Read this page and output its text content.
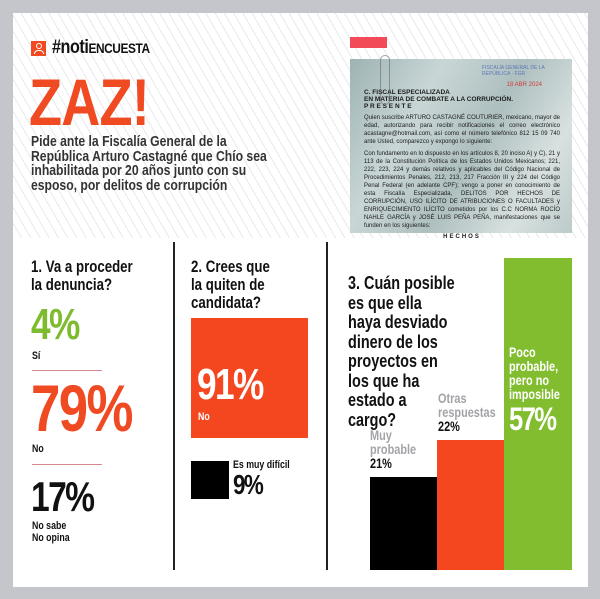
#notiENCUESTA
ZAZ!
Pide ante la Fiscalía General de la
República Arturo Castagné que Chío sea
inhabilitada por 20 años junto con su
esposo, por delitos de corrupción
FISCALÍA GENERAL DE LA REPÚBLICA · FGR
18 ABR 2024
C. FISCAL ESPECIALIZADA
EN MATERIA DE COMBATE A LA CORRUPCIÓN.
P R E S E N T E

Quien suscribe ARTURO CASTAGNÉ COUTURIER, mexicano, mayor de edad, autorizando para recibir notificaciones el correo electrónico acastagne@hotmail.com, así como el número telefónico 812 15 09 740 ante Usted, comparezco y expongo lo siguiente:

Con fundamento en lo dispuesto en los artículos 8, 20 inciso A) y C), 21 y 113 de la Constitución Política de los Estados Unidos Mexicanos; 221, 222, 223, 224 y demás relativos y aplicables del Código Nacional de Procedimientos Penales, 212, 213, 217 Fracción III y 224 del Código Penal Federal (en adelante CPF); vengo a poner en conocimiento de esta Fiscalía Especializada, DELITOS POR HECHOS DE CORRUPCIÓN, USO ILÍCITO DE ATRIBUCIONES O FACULTADES y ENRIQUECIMIENTO ILÍCITO cometidos por los C.C NORMA ROCÍO NAHLE GARCÍA y JOSÉ LUIS PEÑA PEÑA, manifestaciones que se funden en los siguientes:

HECHOS
1. Va a proceder
la denuncia?
4%
Sí
79%
No
17%
No sabe
No opina
2. Crees que
la quiten de
candidata?
91%
No
Es muy difícil
9%
3. Cuán posible
es que ella
haya desviado
dinero de los
proyectos en
los que ha
estado a
cargo?
Muy
probable
21%
Otras
respuestas
22%
Poco
probable,
pero no
imposible
57%
